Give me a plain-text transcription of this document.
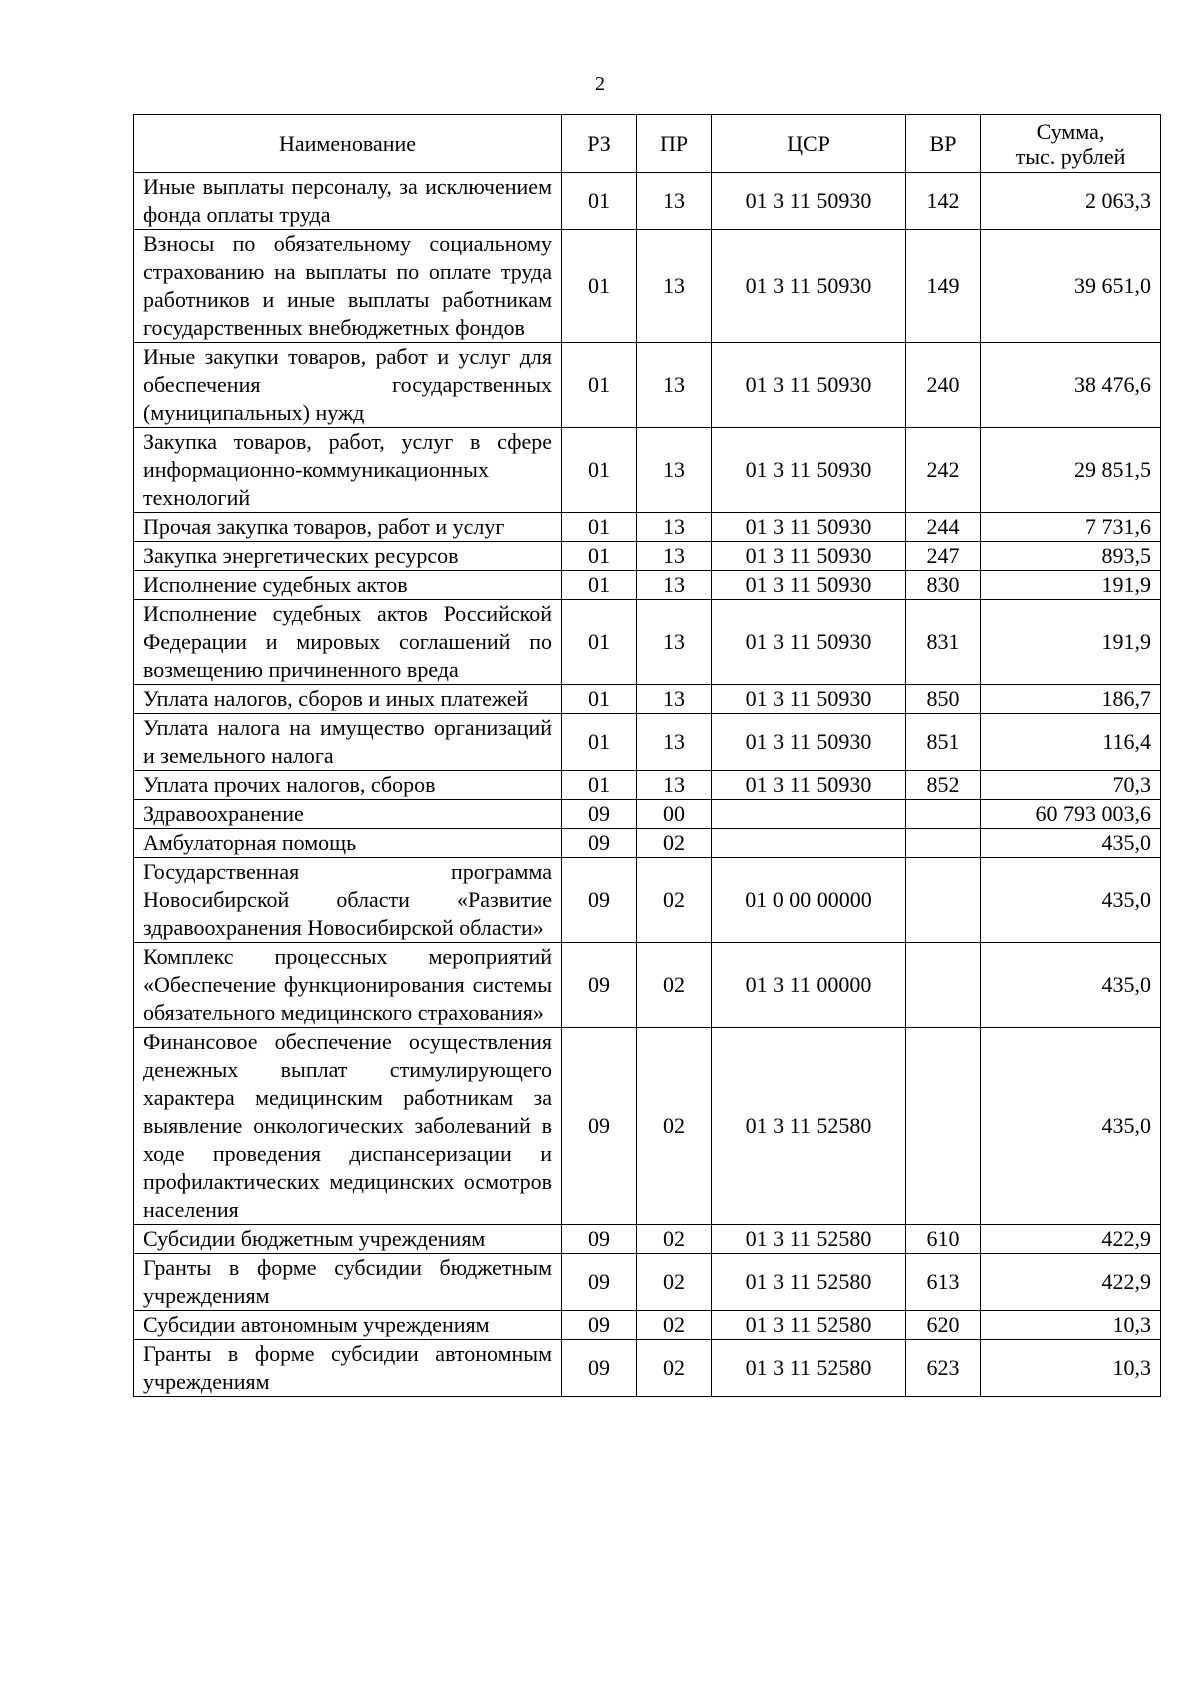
2
Наименование	РЗ	ПР	ЦСР	ВР	Сумма,
тыс. рублей
Иные выплаты персоналу, за исключением фонда оплаты труда	01	13	01 3 11 50930	142	2 063,3
Взносы по обязательному социальному страхованию на выплаты по оплате труда работников и иные выплаты работникам государственных внебюджетных фондов	01	13	01 3 11 50930	149	39 651,0
Иные закупки товаров, работ и услуг для обеспечения государственных (муниципальных) нужд	01	13	01 3 11 50930	240	38 476,6
Закупка товаров, работ, услуг в сфере информационно-коммуникационных технологий	01	13	01 3 11 50930	242	29 851,5
Прочая закупка товаров, работ и услуг	01	13	01 3 11 50930	244	7 731,6
Закупка энергетических ресурсов	01	13	01 3 11 50930	247	893,5
Исполнение судебных актов	01	13	01 3 11 50930	830	191,9
Исполнение судебных актов Российской Федерации и мировых соглашений по возмещению причиненного вреда	01	13	01 3 11 50930	831	191,9
Уплата налогов, сборов и иных платежей	01	13	01 3 11 50930	850	186,7
Уплата налога на имущество организаций и земельного налога	01	13	01 3 11 50930	851	116,4
Уплата прочих налогов, сборов	01	13	01 3 11 50930	852	70,3
Здравоохранение	09	00			60 793 003,6
Амбулаторная помощь	09	02			435,0
Государственная программа Новосибирской области «Развитие здравоохранения Новосибирской области»	09	02	01 0 00 00000		435,0
Комплекс процессных мероприятий «Обеспечение функционирования системы обязательного медицинского страхования»	09	02	01 3 11 00000		435,0
Финансовое обеспечение осуществления денежных выплат стимулирующего характера медицинским работникам за выявление онкологических заболеваний в ходе проведения диспансеризации и профилактических медицинских осмотров населения	09	02	01 3 11 52580		435,0
Субсидии бюджетным учреждениям	09	02	01 3 11 52580	610	422,9
Гранты в форме субсидии бюджетным учреждениям	09	02	01 3 11 52580	613	422,9
Субсидии автономным учреждениям	09	02	01 3 11 52580	620	10,3
Гранты в форме субсидии автономным учреждениям	09	02	01 3 11 52580	623	10,3
